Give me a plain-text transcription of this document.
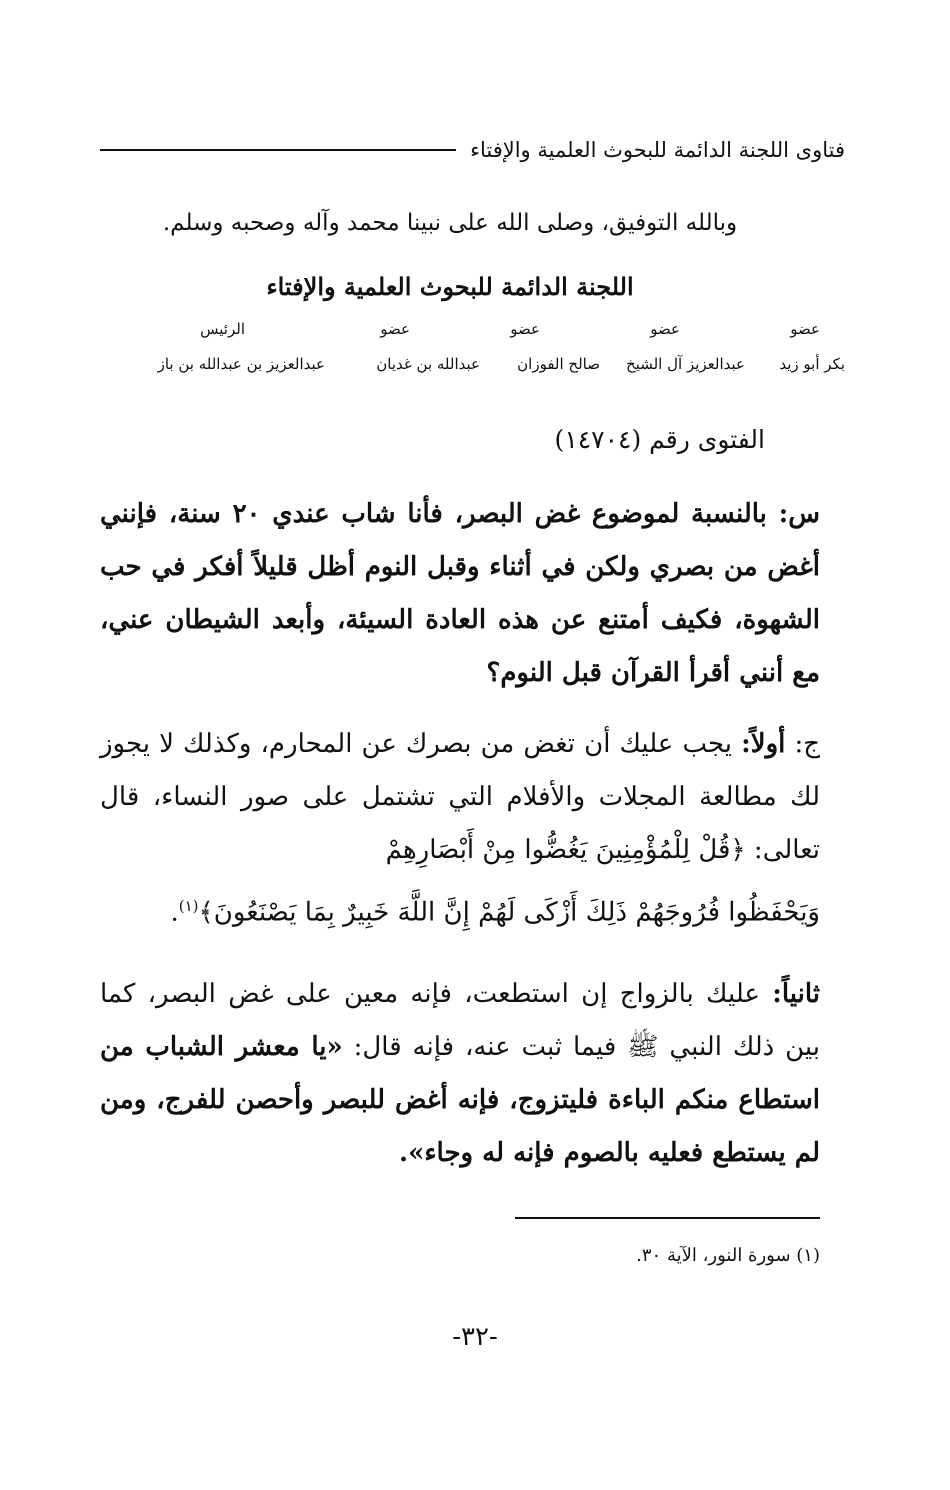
فتاوى اللجنة الدائمة للبحوث العلمية والإفتاء
وبالله التوفيق، وصلى الله على نبينا محمد وآله وصحبه وسلم.
اللجنة الدائمة للبحوث العلمية والإفتاء
عضو
عضو
عضو
عضو
الرئيس
بكر أبو زيد
عبدالعزيز آل الشيخ
صالح الفوزان
عبدالله بن غديان
عبدالعزيز بن عبدالله بن باز
الفتوى رقم (١٤٧٠٤)
س: بالنسبة لموضوع غض البصر، فأنا شاب عندي ٢٠ سنة، فإنني أغض من بصري ولكن في أثناء وقبل النوم أظل قليلاً أفكر في حب الشهوة، فكيف أمتنع عن هذه العادة السيئة، وأبعد الشيطان عني، مع أنني أقرأ القرآن قبل النوم؟
ج: أولاً: يجب عليك أن تغض من بصرك عن المحارم، وكذلك لا يجوز لك مطالعة المجلات والأفلام التي تشتمل على صور النساء، قال تعالى: ﴿قُلْ لِلْمُؤْمِنِينَ يَغُضُّوا مِنْ أَبْصَارِهِمْ
وَيَحْفَظُوا فُرُوجَهُمْ ذَلِكَ أَزْكَى لَهُمْ إِنَّ اللَّهَ خَبِيرٌ بِمَا يَصْنَعُونَ﴾$^{(١)}$.
ثانياً: عليك بالزواج إن استطعت، فإنه معين على غض البصر، كما بين ذلك النبي ﷺ فيما ثبت عنه، فإنه قال: «يا معشر الشباب من استطاع منكم الباءة فليتزوج، فإنه أغض للبصر وأحصن للفرج، ومن لم يستطع فعليه بالصوم فإنه له وجاء».
(١) سورة النور، الآية ٣٠.
-٣٢-
